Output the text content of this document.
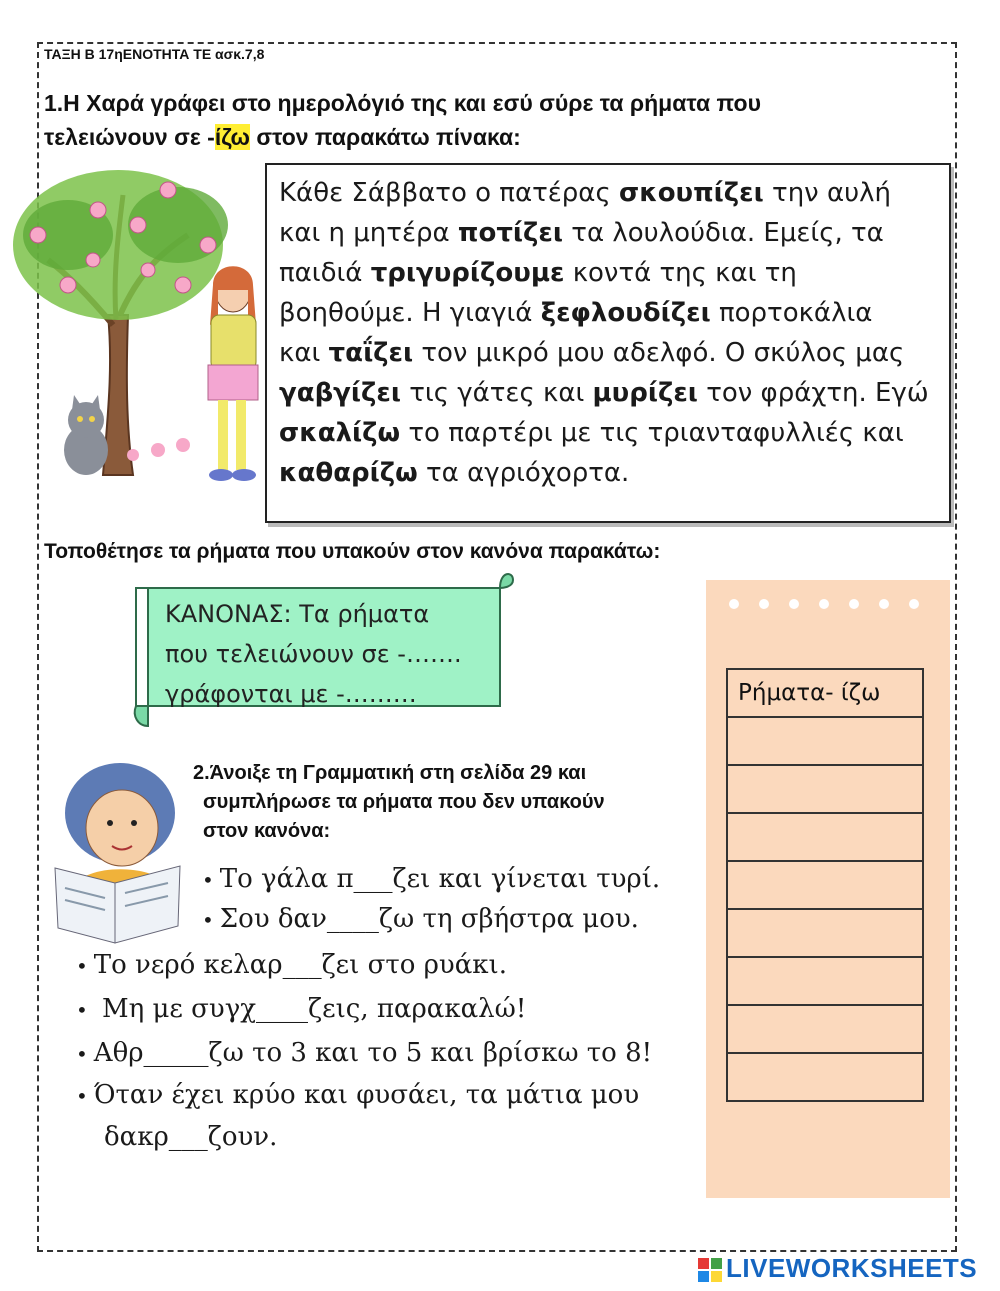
ΤΑΞΗ Β 17ηΕΝΟΤΗΤΑ ΤΕ ασκ.7,8
1.Η Χαρά γράφει στο ημερολόγιό της και εσύ σύρε τα ρήματα που
τελειώνουν σε -ίζω στον παρακάτω πίνακα:
Κάθε Σάββατο ο πατέρας σκουπίζει την αυλή
και η μητέρα ποτίζει τα λουλούδια. Εμείς, τα
παιδιά τριγυρίζουμε κοντά της και τη
βοηθούμε. Η γιαγιά ξεφλουδίζει πορτοκάλια
και ταΐζει τον μικρό μου αδελφό. Ο σκύλος μας
γαβγίζει τις γάτες και μυρίζει τον φράχτη. Εγώ
σκαλίζω το παρτέρι με τις τριανταφυλλιές και
καθαρίζω τα αγριόχορτα.
Τοποθέτησε τα ρήματα που υπακούν στον κανόνα παρακάτω:
ΚΑΝΟΝΑΣ: Τα ρήματα
που τελειώνουν σε -…….
γράφονται με -………	Ρήματα- ίζω
2.Άνοιξε τη Γραμματική στη σελίδα 29 και
συμπλήρωσε τα ρήματα που δεν υπακούν
στον κανόνα:
• Το γάλα π___ζει και γίνεται τυρί.
• Σου δαν____ζω τη σβήστρα μου.
• Το νερό κελαρ___ζει στο ρυάκι.
• Μη με συγχ____ζεις, παρακαλώ!
• Αθρ_____ζω το 3 και το 5 και βρίσκω το 8!
• Όταν έχει κρύο και φυσάει, τα μάτια μου
δακρ___ζουν.
LIVEWORKSHEETS
